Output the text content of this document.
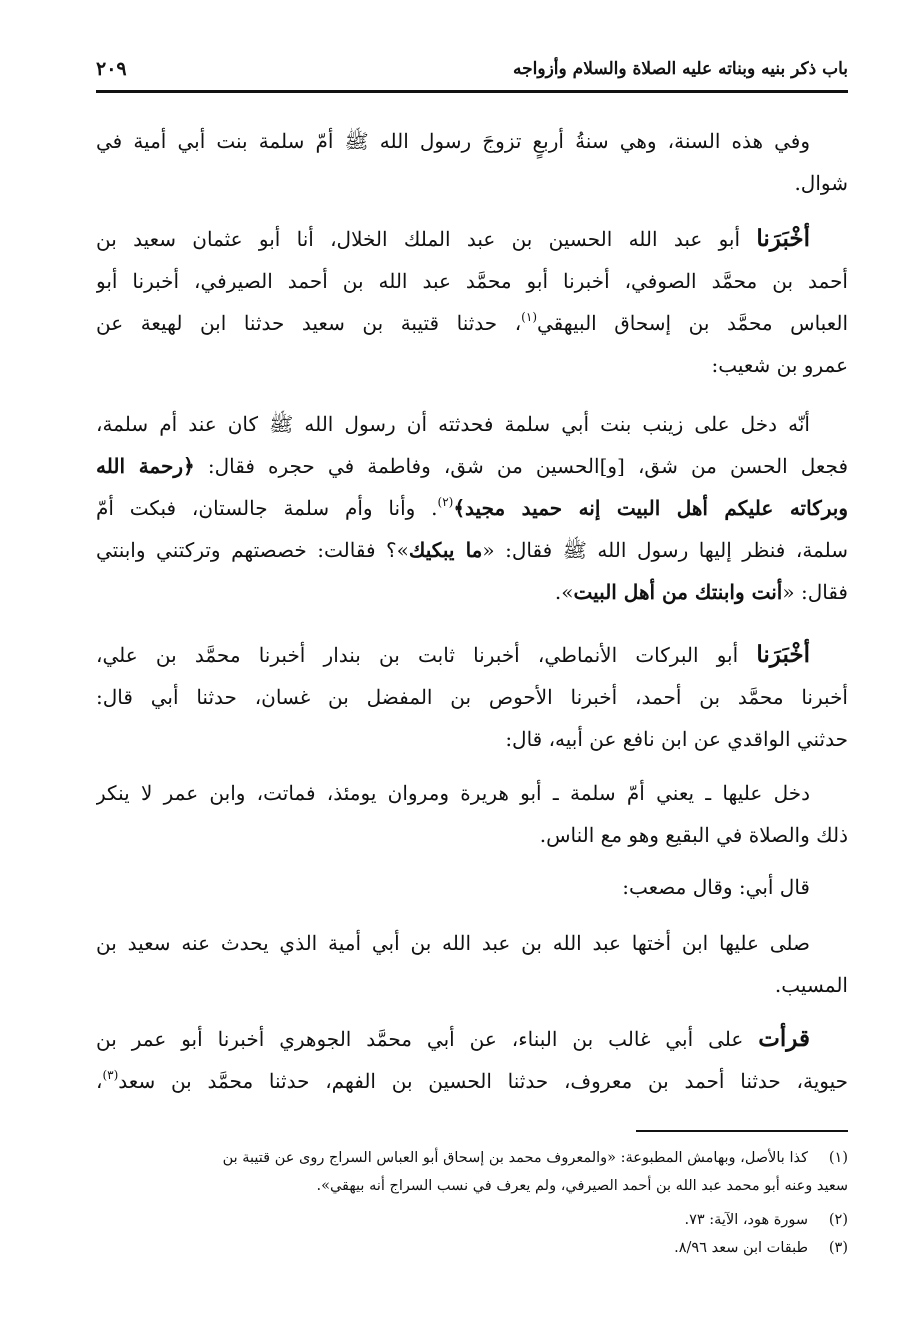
باب ذكر بنيه وبناته عليه الصلاة والسلام وأزواجه
٢٠٩
وفي هذه السنة، وهي سنةُ أربعٍ تزوجَ رسول الله ﷺ أمّ سلمة بنت أبي أمية في
شوال.
أخْبَرَنا أبو عبد الله الحسين بن عبد الملك الخلال، أنا أبو عثمان سعيد بن
أحمد بن محمَّد الصوفي، أخبرنا أبو محمَّد عبد الله بن أحمد الصيرفي، أخبرنا أبو
العباس محمَّد بن إسحاق البيهقي$^{(١)}$، حدثنا قتيبة بن سعيد حدثنا ابن لهيعة عن
عمرو بن شعيب:
أنّه دخل على زينب بنت أبي سلمة فحدثته أن رسول الله ﷺ كان عند أم سلمة،
فجعل الحسن من شق، [و]الحسين من شق، وفاطمة في حجره فقال: ﴿رحمة الله
وبركاته عليكم أهل البيت إنه حميد مجيد﴾$^{(٢)}$. وأنا وأم سلمة جالستان، فبكت أمّ
سلمة، فنظر إليها رسول الله ﷺ فقال: «ما يبكيك»؟ فقالت: خصصتهم وتركتني وابنتي
فقال: «أنت وابنتك من أهل البيت».
أخْبَرَنا أبو البركات الأنماطي، أخبرنا ثابت بن بندار أخبرنا محمَّد بن علي،
أخبرنا محمَّد بن أحمد، أخبرنا الأحوص بن المفضل بن غسان، حدثنا أبي قال:
حدثني الواقدي عن ابن نافع عن أبيه، قال:
دخل عليها ـ يعني أمّ سلمة ـ أبو هريرة ومروان يومئذ، فماتت، وابن عمر لا ينكر
ذلك والصلاة في البقيع وهو مع الناس.
قال أبي: وقال مصعب:
صلى عليها ابن أختها عبد الله بن عبد الله بن أبي أمية الذي يحدث عنه سعيد بن
المسيب.
قرأت على أبي غالب بن البناء، عن أبي محمَّد الجوهري أخبرنا أبو عمر بن
حيوية، حدثنا أحمد بن معروف، حدثنا الحسين بن الفهم، حدثنا محمَّد بن سعد$^{(٣)}$،
(١)كذا بالأصل، وبهامش المطبوعة: «والمعروف محمد بن إسحاق أبو العباس السراج روى عن قتيبة بن
سعيد وعنه أبو محمد عبد الله بن أحمد الصيرفي، ولم يعرف في نسب السراج أنه بيهقي».
(٢)سورة هود، الآية: ٧٣.
(٣)طبقات ابن سعد ٨/٩٦.
